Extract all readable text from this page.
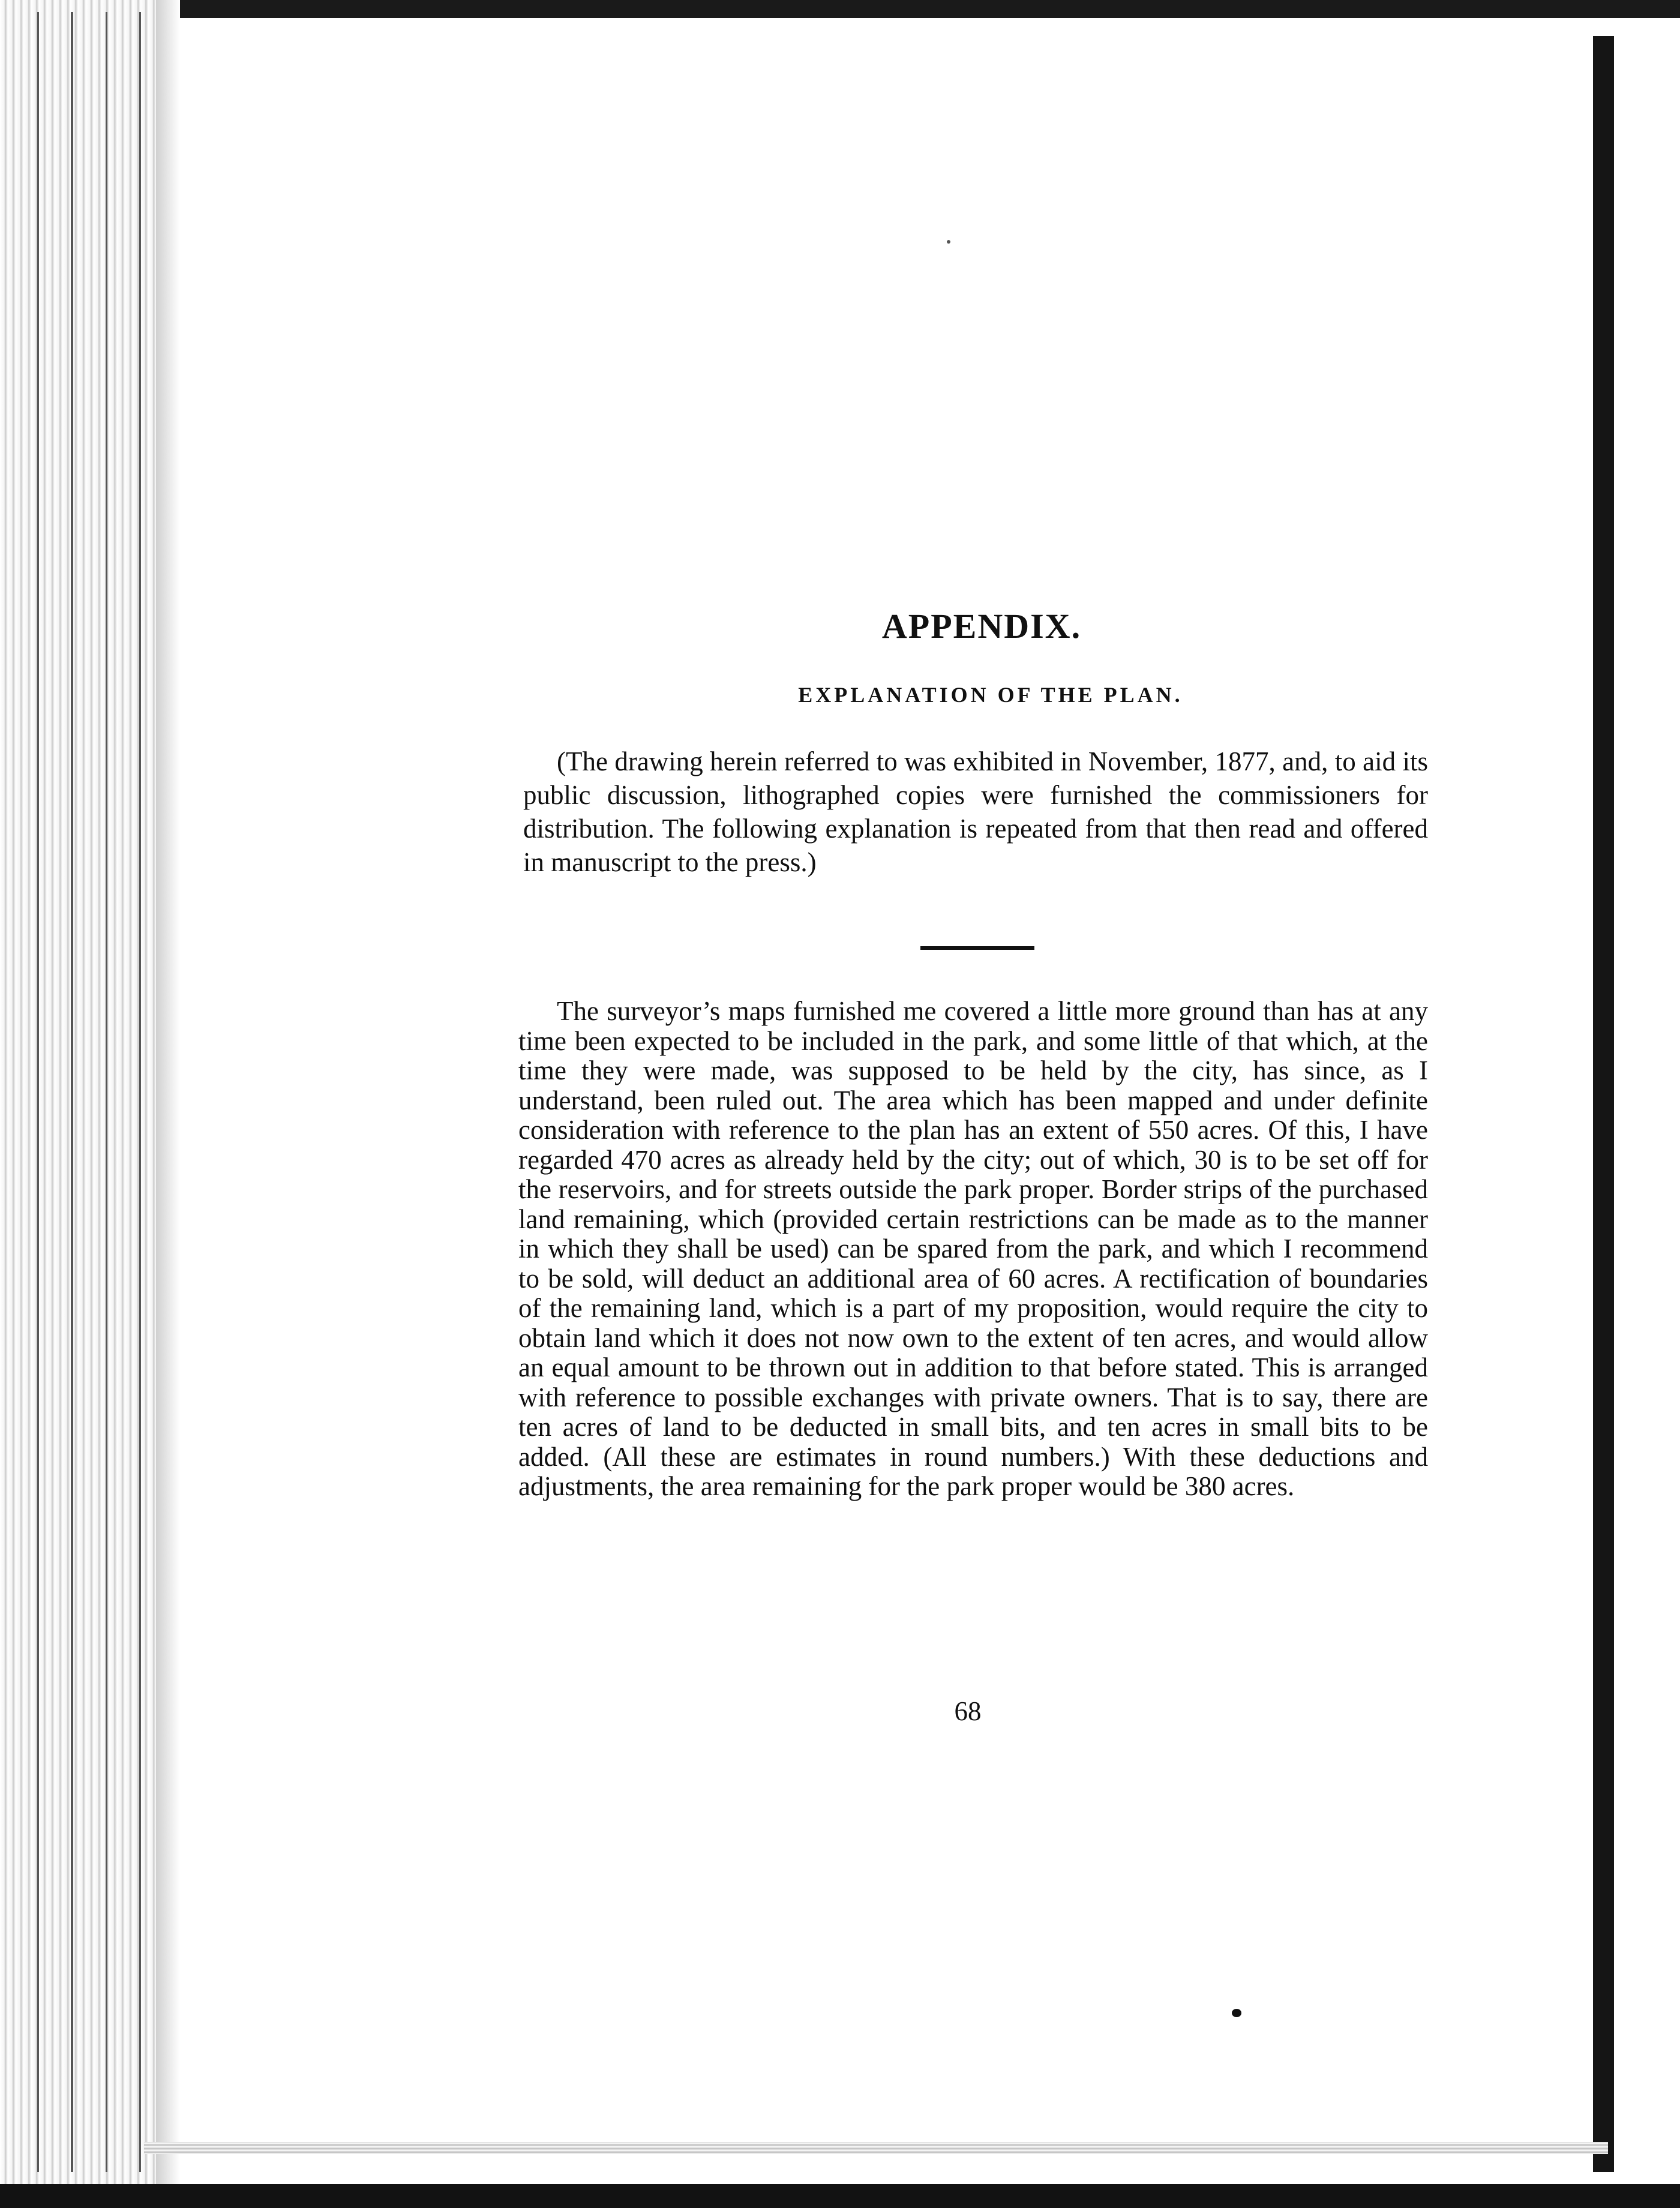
APPENDIX.
EXPLANATION OF THE PLAN.

(The drawing herein referred to was exhibited in November, 1877, and, to aid its public discussion, lithographed copies were furnished the commissioners for distribution. The following explanation is repeated from that then read and offered in manuscript to the press.)

The surveyor’s maps furnished me covered a little more ground than has at any time been expected to be included in the park, and some little of that which, at the time they were made, was supposed to be held by the city, has since, as I understand, been ruled out. The area which has been mapped and under definite consideration with reference to the plan has an extent of 550 acres. Of this, I have regarded 470 acres as already held by the city; out of which, 30 is to be set off for the reservoirs, and for streets outside the park proper. Border strips of the purchased land remaining, which (provided certain restrictions can be made as to the manner in which they shall be used) can be spared from the park, and which I recommend to be sold, will deduct an additional area of 60 acres. A rectification of boundaries of the remaining land, which is a part of my proposition, would require the city to obtain land which it does not now own to the extent of ten acres, and would allow an equal amount to be thrown out in addition to that before stated. This is arranged with reference to possible exchanges with private owners. That is to say, there are ten acres of land to be deducted in small bits, and ten acres in small bits to be added. (All these are estimates in round numbers.) With these deductions and adjustments, the area remaining for the park proper would be 380 acres.

68
